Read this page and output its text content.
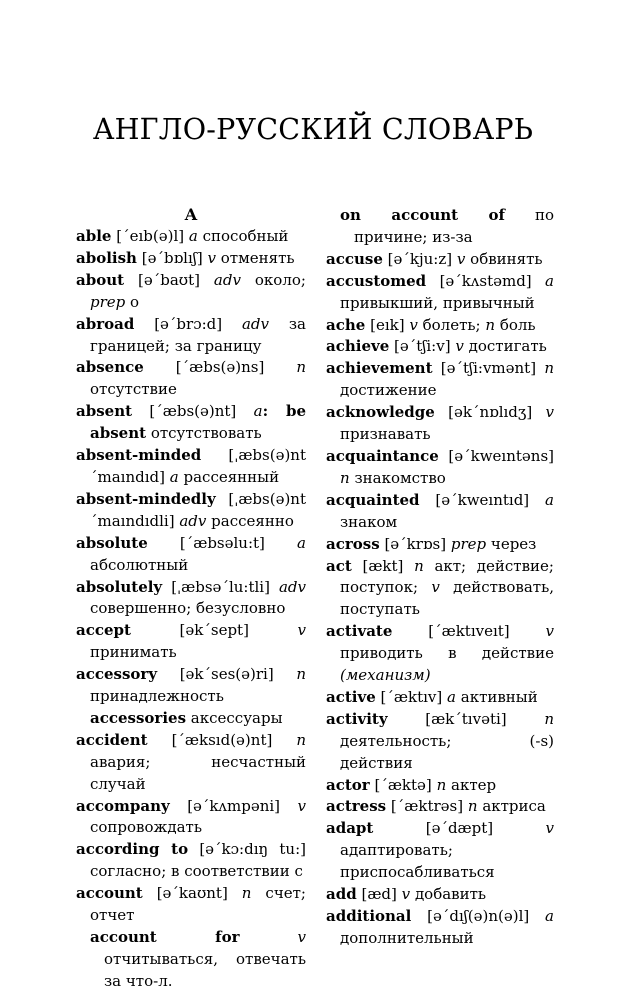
АНГЛО-РУССКИЙ СЛОВАРЬ
A
able [´eıb(ə)l] a способный
abolish [ə´bɒlıʃ] v отменять
about [ə´baʊt] adv около; prep о
abroad [ə´brɔ:d] adv за границей; за границу
absence [´æbs(ə)ns] n отсутствие
absent [´æbs(ə)nt] a: be absent отсутствовать
absent-minded [ˌæbs(ə)nt´maındıd] a рассеянный
absent-mindedly [ˌæbs(ə)nt´maındıdli] adv рассеянно
absolute [´æbsəlu:t] a абсолютный
absolutely [ˌæbsə´lu:tli] adv совершенно; безусловно
accept	[ək´sept]	v принимать
accessory [ək´ses(ə)ri] n принадлежность
accessories аксессуары
accident [´æksıd(ə)nt] n авария; несчастный случай
accompany [ə´kʌmpəni] v сопровождать
according to [ə´kɔ:dıŋ tu:] согласно; в соответствии с
account [ə´kaʊnt] n счет; отчет
account for	v отчитываться, отвечать за что-л.
on account of по причине; из-за
accuse [ə´kju:z] v обвинять
accustomed [ə´kʌstəmd] a привыкший, привычный
ache [eık] v болеть; n боль
achieve [ə´tʃi:v] v достигать
achievement [ə´tʃi:vmənt] n достижение
acknowledge [ək´nɒlıdʒ] v признавать
acquaintance [ə´kweıntəns] n знакомство
acquainted [ə´kweıntıd] a знаком
across [ə´krɒs] prep через
act [ækt] n акт; действие; поступок; v действовать, поступать
activate [´æktıveıt] v приводить в действие (механизм)
active [´æktıv] a активный
activity	[æk´tıvəti]	n деятельность; (-s) действия
actor [´æktə] n актер
actress [´æktrəs] n актриса
adapt	[ə´dæpt]	v адаптировать; приспосабливаться
add [æd] v добавить
additional [ə´dıʃ(ə)n(ə)l] a дополнительный
